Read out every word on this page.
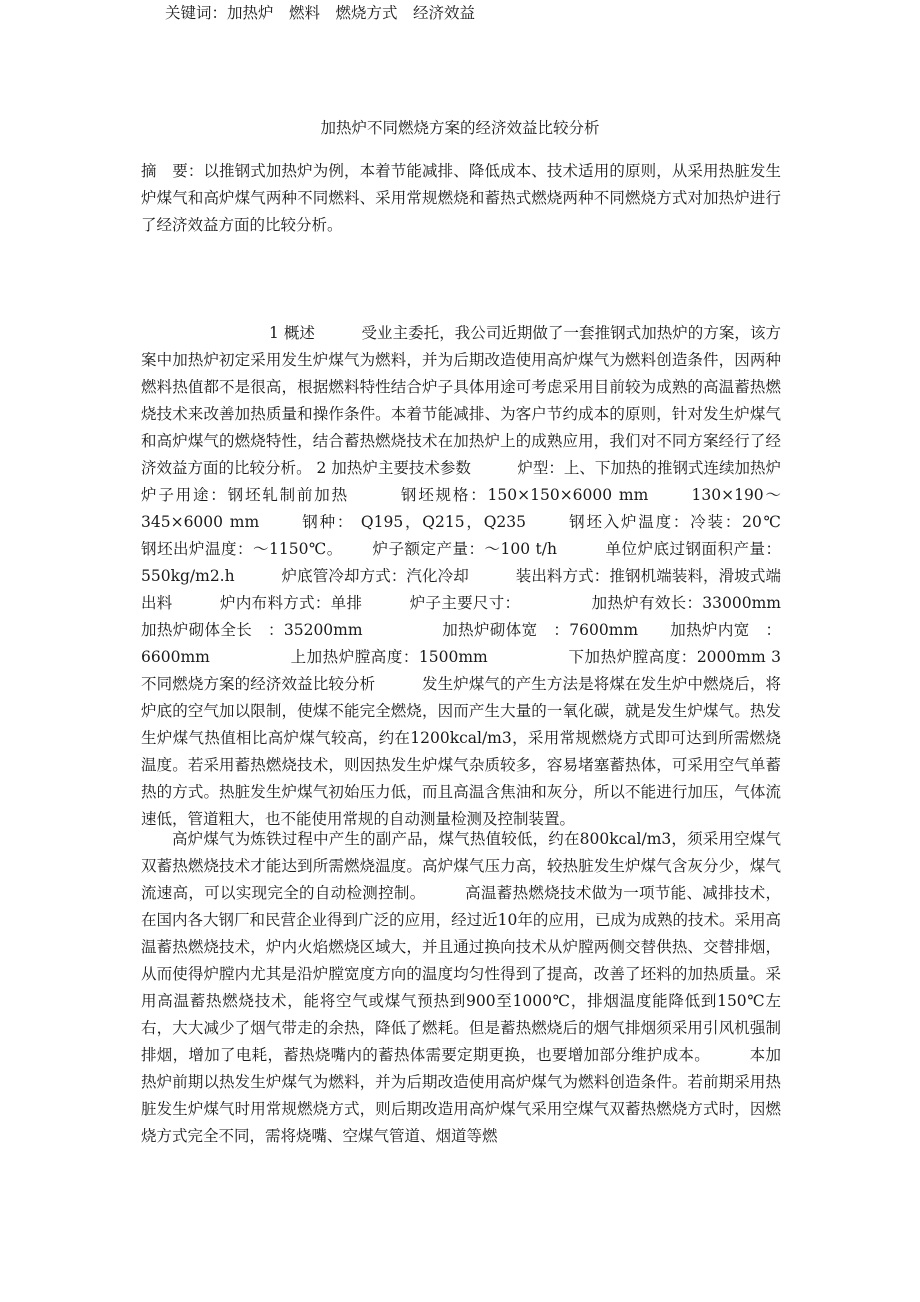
加热炉不同燃烧方案的经济效益比较分析
摘　要：以推钢式加热炉为例，本着节能减排、降低成本、技术适用的原则，从采用热脏发生炉煤气和高炉煤气两种不同燃料、采用常规燃烧和蓄热式燃烧两种不同燃烧方式对加热炉进行了经济效益方面的比较分析。
关键词：加热炉　燃料　燃烧方式　经济效益
1 概述　　　受业主委托，我公司近期做了一套推钢式加热炉的方案，该方案中加热炉初定采用发生炉煤气为燃料，并为后期改造使用高炉煤气为燃料创造条件，因两种燃料热值都不是很高，根据燃料特性结合炉子具体用途可考虑采用目前较为成熟的高温蓄热燃烧技术来改善加热质量和操作条件。本着节能减排、为客户节约成本的原则，针对发生炉煤气和高炉煤气的燃烧特性，结合蓄热燃烧技术在加热炉上的成熟应用，我们对不同方案经行了经济效益方面的比较分析。 2 加热炉主要技术参数　　　炉型：上、下加热的推钢式连续加热炉　　　炉子用途：钢坯轧制前加热　　　钢坯规格：150×150×6000 mm　　 130×190～345×6000 mm　　 钢种： Q195，Q215，Q235　　 钢坯入炉温度：冷装：20℃　　 钢坯出炉温度：～1150℃。　　 炉子额定产量：～100 t/h　　　单位炉底过钢面积产量：550kg/m2.h　　　炉底管冷却方式：汽化冷却　　　装出料方式：推钢机端装料，滑坡式端出料　　　炉内布料方式：单排　　　炉子主要尺寸：　　　　　加热炉有效长：33000mm　　　　　加热炉砌体全长　：35200mm　　　　　加热炉砌体宽　：7600mm　　加热炉内宽　：6600mm　　　　　上加热炉膛高度：1500mm　　　　　下加热炉膛高度：2000mm 3 不同燃烧方案的经济效益比较分析　　　发生炉煤气的产生方法是将煤在发生炉中燃烧后，将炉底的空气加以限制，使煤不能完全燃烧，因而产生大量的一氧化碳，就是发生炉煤气。热发生炉煤气热值相比高炉煤气较高，约在1200kcal/m3，采用常规燃烧方式即可达到所需燃烧温度。若采用蓄热燃烧技术，则因热发生炉煤气杂质较多，容易堵塞蓄热体，可采用空气单蓄热的方式。热脏发生炉煤气初始压力低，而且高温含焦油和灰分，所以不能进行加压，气体流速低，管道粗大，也不能使用常规的自动测量检测及控制装置。
高炉煤气为炼铁过程中产生的副产品，煤气热值较低，约在800kcal/m3，须采用空煤气双蓄热燃烧技术才能达到所需燃烧温度。高炉煤气压力高，较热脏发生炉煤气含灰分少，煤气流速高，可以实现完全的自动检测控制。　　　高温蓄热燃烧技术做为一项节能、减排技术，在国内各大钢厂和民营企业得到广泛的应用，经过近10年的应用，已成为成熟的技术。采用高温蓄热燃烧技术，炉内火焰燃烧区域大，并且通过换向技术从炉膛两侧交替供热、交替排烟，从而使得炉膛内尤其是沿炉膛宽度方向的温度均匀性得到了提高，改善了坯料的加热质量。采用高温蓄热燃烧技术，能将空气或煤气预热到900至1000℃，排烟温度能降低到150℃左右，大大减少了烟气带走的余热，降低了燃耗。但是蓄热燃烧后的烟气排烟须采用引风机强制排烟，增加了电耗，蓄热烧嘴内的蓄热体需要定期更换，也要增加部分维护成本。　　　本加热炉前期以热发生炉煤气为燃料，并为后期改造使用高炉煤气为燃料创造条件。若前期采用热脏发生炉煤气时用常规燃烧方式，则后期改造用高炉煤气采用空煤气双蓄热燃烧方式时，因燃烧方式完全不同，需将烧嘴、空煤气管道、烟道等燃
